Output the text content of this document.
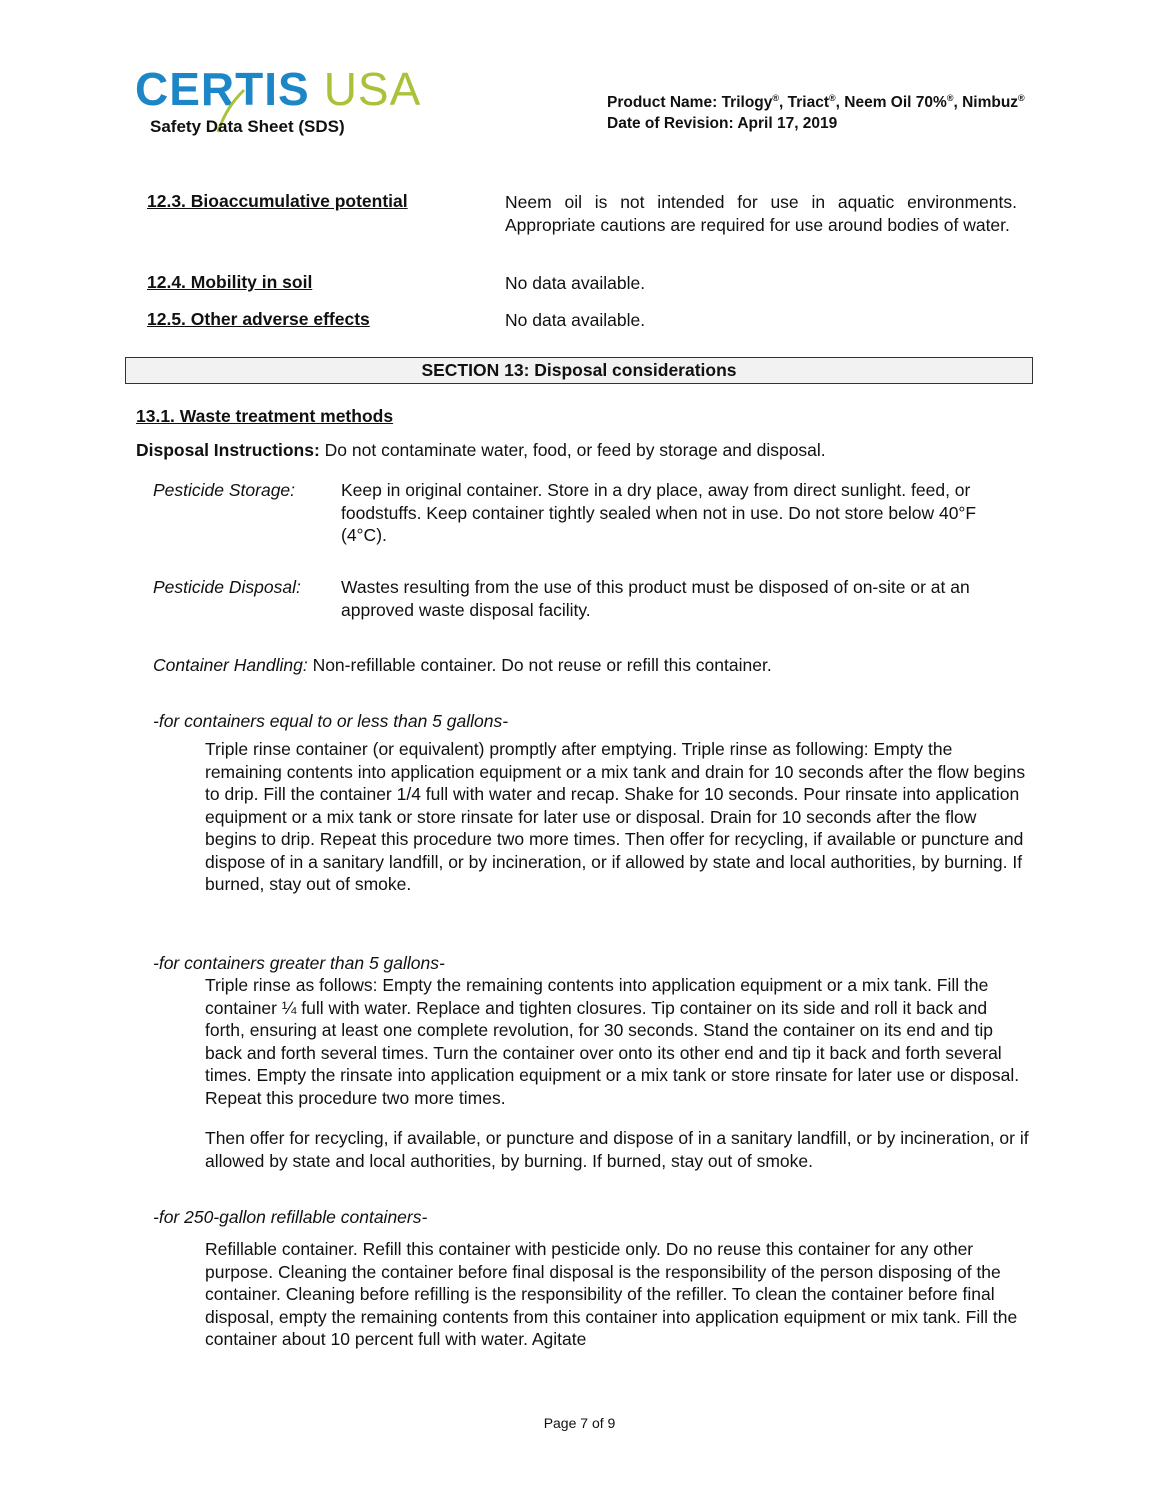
CERTIS USA
Safety Data Sheet (SDS)
Product Name: Trilogy®, Triact®, Neem Oil 70%®, Nimbuz®
Date of Revision: April 17, 2019
12.3. Bioaccumulative potential	Neem oil is not intended for use in aquatic environments. Appropriate cautions are required for use around bodies of water.
12.4. Mobility in soil	No data available.
12.5. Other adverse effects	No data available.
SECTION 13: Disposal considerations
13.1. Waste treatment methods
Disposal Instructions: Do not contaminate water, food, or feed by storage and disposal.
Pesticide Storage:	Keep in original container. Store in a dry place, away from direct sunlight. feed, or foodstuffs. Keep container tightly sealed when not in use. Do not store below 40°F (4°C).
Pesticide Disposal: Wastes resulting from the use of this product must be disposed of on-site or at an approved waste disposal facility.
Container Handling: Non-refillable container. Do not reuse or refill this container.
-for containers equal to or less than 5 gallons-
Triple rinse container (or equivalent) promptly after emptying. Triple rinse as following: Empty the remaining contents into application equipment or a mix tank and drain for 10 seconds after the flow begins to drip. Fill the container 1/4 full with water and recap. Shake for 10 seconds. Pour rinsate into application equipment or a mix tank or store rinsate for later use or disposal. Drain for 10 seconds after the flow begins to drip. Repeat this procedure two more times. Then offer for recycling, if available or puncture and dispose of in a sanitary landfill, or by incineration, or if allowed by state and local authorities, by burning. If burned, stay out of smoke.
-for containers greater than 5 gallons-
Triple rinse as follows: Empty the remaining contents into application equipment or a mix tank. Fill the container ¼ full with water. Replace and tighten closures. Tip container on its side and roll it back and forth, ensuring at least one complete revolution, for 30 seconds. Stand the container on its end and tip back and forth several times. Turn the container over onto its other end and tip it back and forth several times. Empty the rinsate into application equipment or a mix tank or store rinsate for later use or disposal. Repeat this procedure two more times.
Then offer for recycling, if available, or puncture and dispose of in a sanitary landfill, or by incineration, or if allowed by state and local authorities, by burning. If burned, stay out of smoke.
-for 250-gallon refillable containers-
Refillable container. Refill this container with pesticide only. Do no reuse this container for any other purpose. Cleaning the container before final disposal is the responsibility of the person disposing of the container. Cleaning before refilling is the responsibility of the refiller. To clean the container before final disposal, empty the remaining contents from this container into application equipment or mix tank. Fill the container about 10 percent full with water. Agitate
Page 7 of 9
